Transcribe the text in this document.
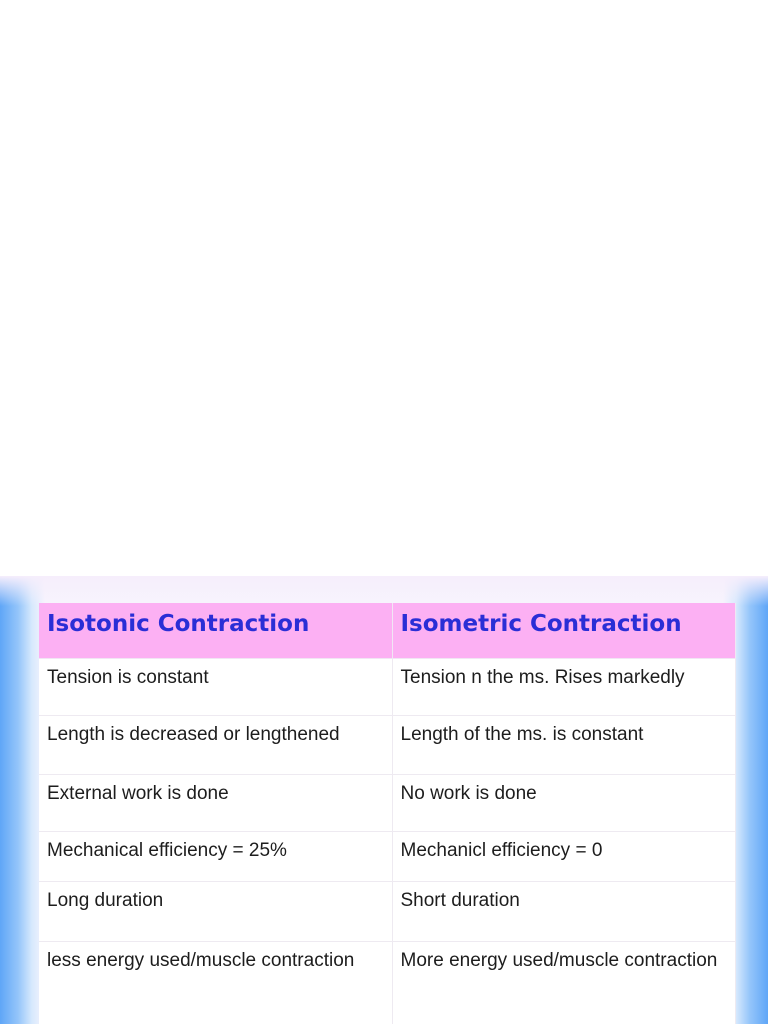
Isotonic Contraction	Isometric Contraction
Tension is constant	Tension n the ms. Rises markedly
Length is decreased or lengthened	Length of the ms. is constant
External work is done	No work is done
Mechanical efficiency = 25%	Mechanicl efficiency = 0
Long duration	Short duration
less energy used/muscle contraction	More energy used/muscle contraction
